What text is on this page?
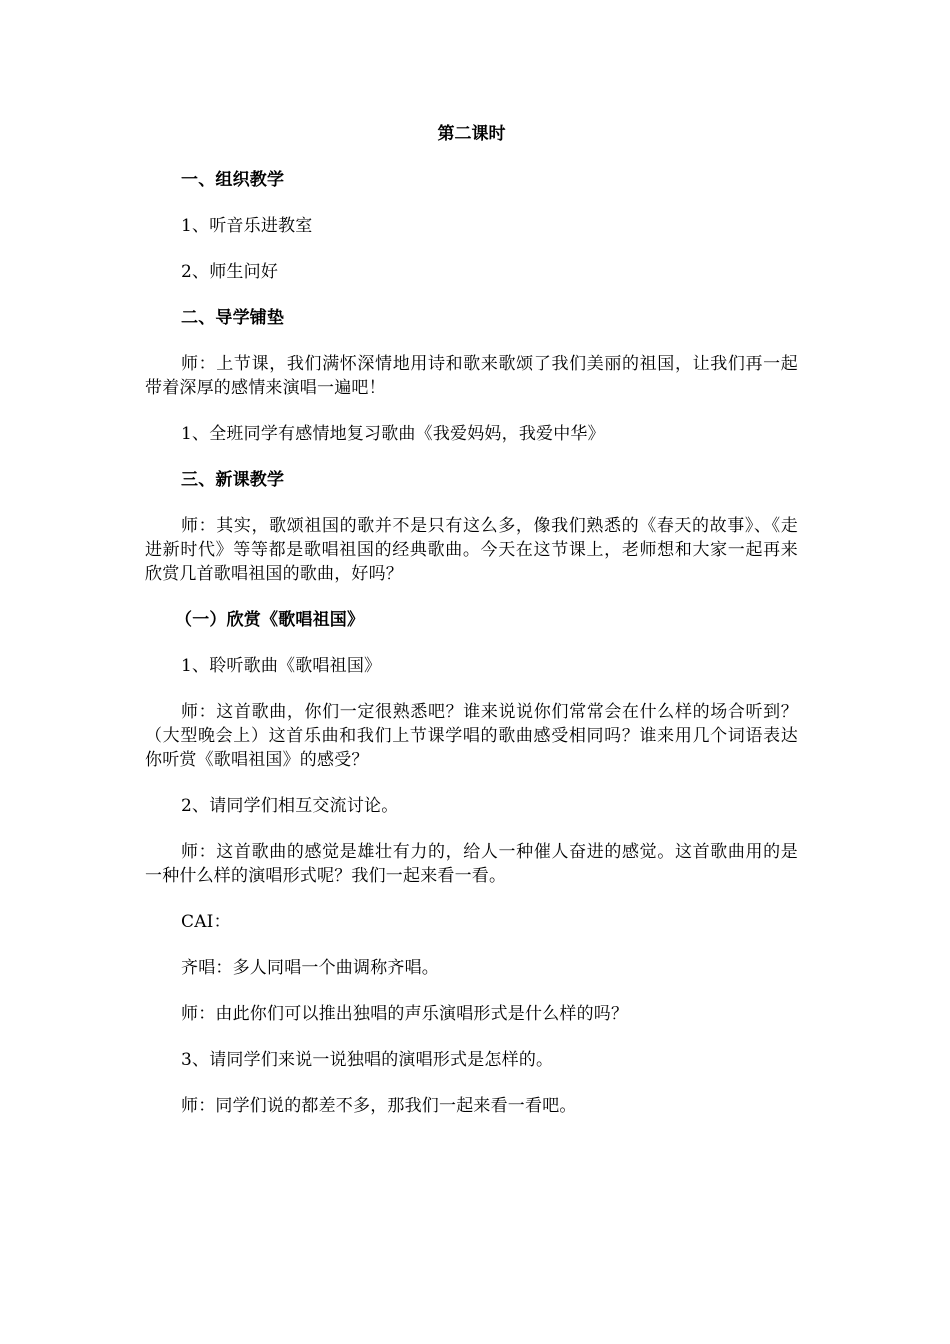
第二课时
一、组织教学
1、听音乐进教室
2、师生问好
二、导学铺垫
师：上节课，我们满怀深情地用诗和歌来歌颂了我们美丽的祖国，让我们再一起带着深厚的感情来演唱一遍吧！
1、全班同学有感情地复习歌曲《我爱妈妈，我爱中华》
三、新课教学
师：其实，歌颂祖国的歌并不是只有这么多，像我们熟悉的《春天的故事》、《走进新时代》等等都是歌唱祖国的经典歌曲。今天在这节课上，老师想和大家一起再来欣赏几首歌唱祖国的歌曲，好吗？
（一）欣赏《歌唱祖国》
1、聆听歌曲《歌唱祖国》
师：这首歌曲，你们一定很熟悉吧？谁来说说你们常常会在什么样的场合听到？（大型晚会上）这首乐曲和我们上节课学唱的歌曲感受相同吗？谁来用几个词语表达你听赏《歌唱祖国》的感受？
2、请同学们相互交流讨论。
师：这首歌曲的感觉是雄壮有力的，给人一种催人奋进的感觉。这首歌曲用的是一种什么样的演唱形式呢？我们一起来看一看。
CAI：
齐唱：多人同唱一个曲调称齐唱。
师：由此你们可以推出独唱的声乐演唱形式是什么样的吗？
3、请同学们来说一说独唱的演唱形式是怎样的。
师：同学们说的都差不多，那我们一起来看一看吧。
